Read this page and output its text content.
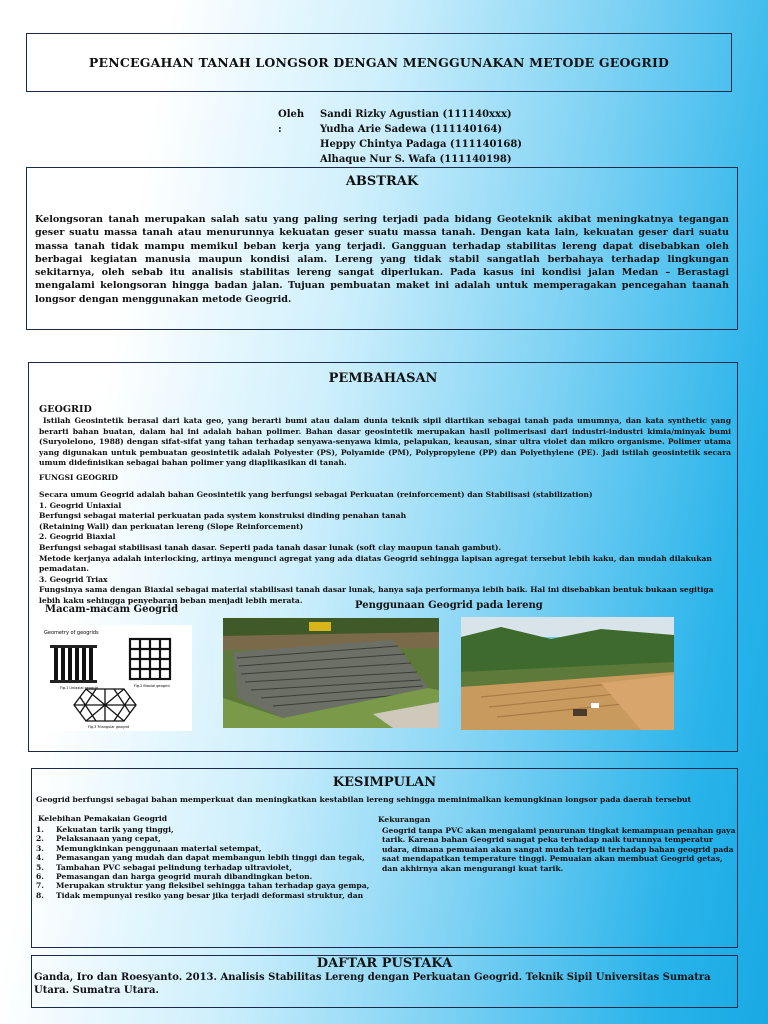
PENCEGAHAN TANAH LONGSOR DENGAN MENGGUNAKAN METODE GEOGRID
Oleh :
Sandi Rizky Agustian (111140xxx)
Yudha Arie Sadewa (111140164)
Heppy Chintya Padaga (111140168)
Alhaque Nur S. Wafa (111140198)
ABSTRAK
Kelongsoran tanah merupakan salah satu yang paling sering terjadi pada bidang Geoteknik akibat meningkatnya tegangan geser suatu massa tanah atau menurunnya kekuatan geser suatu massa tanah. Dengan kata lain, kekuatan geser dari suatu massa tanah tidak mampu memikul beban kerja yang terjadi. Gangguan terhadap stabilitas lereng dapat disebabkan oleh berbagai kegiatan manusia maupun kondisi alam. Lereng yang tidak stabil sangatlah berbahaya terhadap lingkungan sekitarnya, oleh sebab itu analisis stabilitas lereng sangat diperlukan. Pada kasus ini kondisi jalan Medan – Berastagi mengalami kelongsoran hingga badan jalan. Tujuan pembuatan maket ini adalah untuk memperagakan pencegahan taanah longsor dengan menggunakan metode Geogrid.
PEMBAHASAN
GEOGRID
Istilah Geosintetik berasal dari kata geo, yang berarti bumi atau dalam dunia teknik sipil diartikan sebagai tanah pada umumnya, dan kata synthetic yang berarti bahan buatan, dalam hal ini adalah bahan polimer. Bahan dasar geosintetik merupakan hasil polimerisasi dari industri-industri kimia/minyak bumi (Suryolelono, 1988) dengan sifat-sifat yang tahan terhadap senyawa-senyawa kimia, pelapukan, keausan, sinar ultra violet dan mikro organisme. Polimer utama yang digunakan untuk pembuatan geosintetik adalah Polyester (PS), Polyamide (PM), Polypropylene (PP) dan Polyethylene (PE). Jadi istilah geosintetik secara umum didefinisikan sebagai bahan polimer yang diaplikasikan di tanah.
FUNGSI GEOGRID
Secara umum Geogrid adalah bahan Geosintetik yang berfungsi sebagai Perkuatan (reinforcement) dan Stabilisasi (stabilization)
1. Geogrid Uniaxial
Berfungsi sebagai material perkuatan pada system konstruksi dinding penahan tanah
(Retaining Wall) dan perkuatan lereng (Slope Reinforcement)
2. Geogrid Biaxial
Berfungsi sebagai stabilisasi tanah dasar. Seperti pada tanah dasar lunak (soft clay maupun tanah gambut).
Metode kerjanya adalah interlocking, artinya mengunci agregat yang ada diatas Geogrid sehingga lapisan agregat tersebut lebih kaku, dan mudah dilakukan pemadatan.
3. Geogrid Triax
Fungsinya sama dengan Biaxial sebagai material stabilisasi tanah dasar lunak, hanya saja performanya lebih baik. Hal ini disebabkan bentuk bukaan segitiga lebih kaku sehingga penyebaran beban menjadi lebih merata.
Macam-macam Geogrid	Penggunaan Geogrid pada lereng
Geometry of geogrids
Fig.1 Uniaxial geogrid	Fig.2 Biaxial geogrid
Fig.3 Triangular geogrid
KESIMPULAN
Geogrid berfungsi sebagai bahan memperkuat dan meningkatkan kestabilan lereng sehingga meminimalkan kemungkinan longsor pada daerah tersebut
Kelebihan Pemakaian Geogrid
1.	Kekuatan tarik yang tinggi,
2.	Pelaksanaan yang cepat,
3.	Memungkinkan penggunaan material setempat,
4.	Pemasangan yang mudah dan dapat membangun lebih tinggi dan tegak,
5.	Tambahan PVC sebagai pelindung terhadap ultraviolet,
6.	Pemasangan dan harga geogrid murah dibandingkan beton.
7.	Merupakan struktur yang fleksibel sehingga tahan terhadap gaya gempa,
8.	Tidak mempunyai resiko yang besar jika terjadi deformasi struktur, dan
Kekurangan
Geogrid tanpa PVC akan mengalami penurunan tingkat kemampuan penahan gaya tarik. Karena bahan Geogrid sangat peka terhadap naik turunnya temperatur udara, dimana pemuaian akan sangat mudah terjadi terhadap bahan geogrid pada saat mendapatkan temperature tinggi. Pemuaian akan membuat Geogrid getas, dan akhirnya akan mengurangi kuat tarik.
DAFTAR PUSTAKA
Ganda, Iro dan Roesyanto. 2013. Analisis Stabilitas Lereng dengan Perkuatan Geogrid. Teknik Sipil Universitas Sumatra Utara. Sumatra Utara.
